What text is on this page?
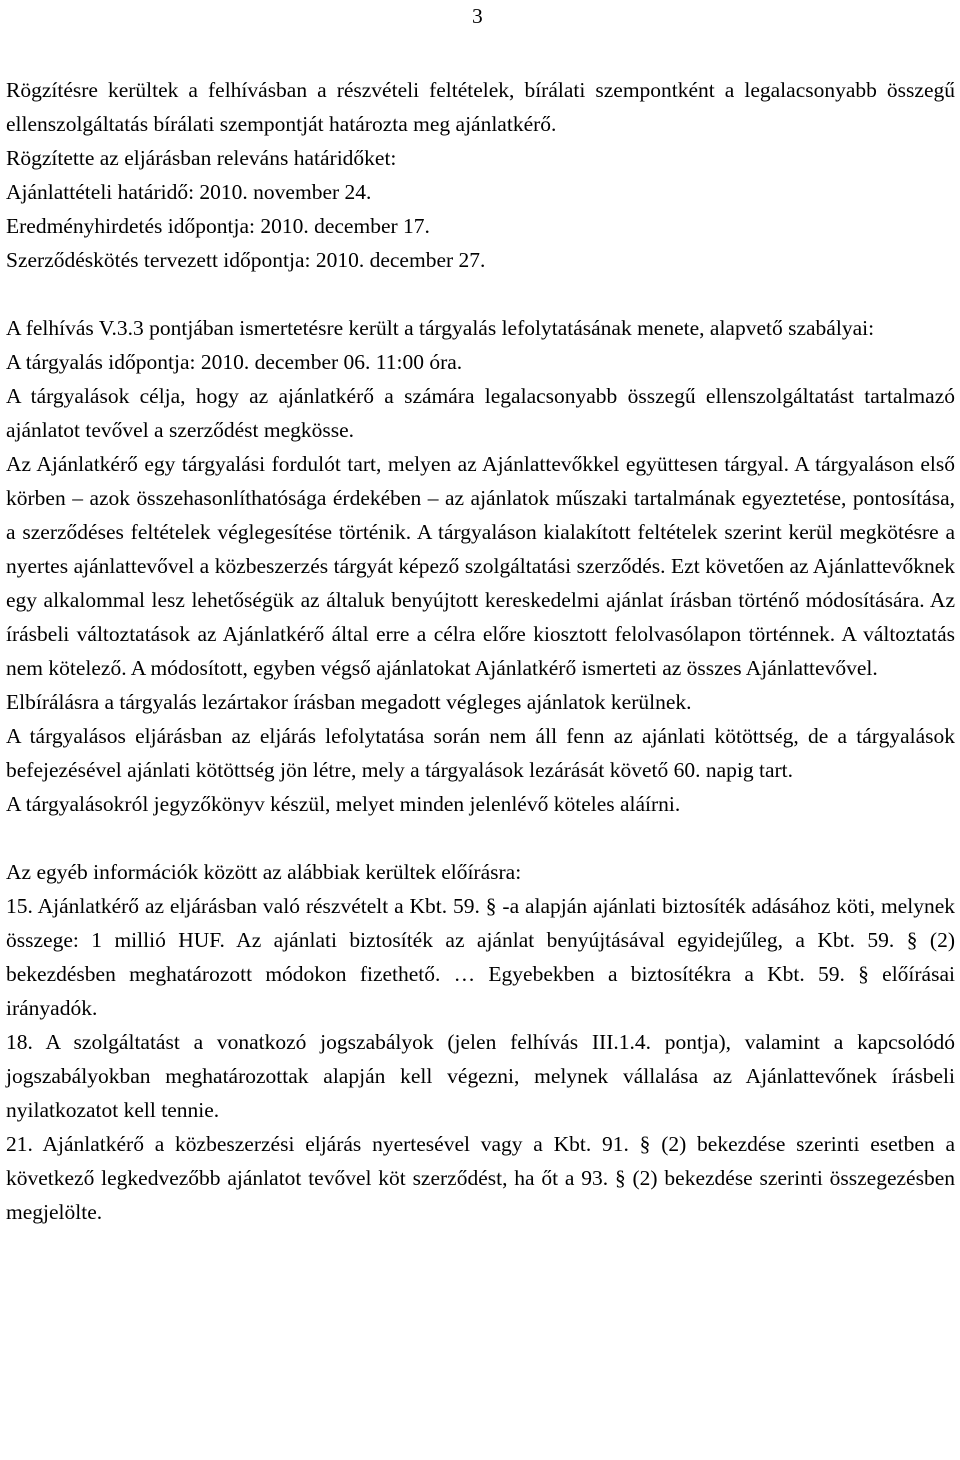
3

Rögzítésre kerültek a felhívásban a részvételi feltételek, bírálati szempontként a legalacsonyabb összegű ellenszolgáltatás bírálati szempontját határozta meg ajánlatkérő.

Rögzítette az eljárásban releváns határidőket:
Ajánlattételi határidő: 2010. november 24.
Eredményhirdetés időpontja: 2010. december 17.
Szerződéskötés tervezett időpontja: 2010. december 27.

A felhívás V.3.3 pontjában ismertetésre került a tárgyalás lefolytatásának menete, alapvető szabályai:

A tárgyalás időpontja: 2010. december 06. 11:00 óra.

A tárgyalások célja, hogy az ajánlatkérő a számára legalacsonyabb összegű ellenszolgáltatást tartalmazó ajánlatot tevővel a szerződést megkösse.

Az Ajánlatkérő egy tárgyalási fordulót tart, melyen az Ajánlattevőkkel együttesen tárgyal. A tárgyaláson első körben – azok összehasonlíthatósága érdekében – az ajánlatok műszaki tartalmának egyeztetése, pontosítása, a szerződéses feltételek véglegesítése történik. A tárgyaláson kialakított feltételek szerint kerül megkötésre a nyertes ajánlattevővel a közbeszerzés tárgyát képező szolgáltatási szerződés. Ezt követően az Ajánlattevőknek egy alkalommal lesz lehetőségük az általuk benyújtott kereskedelmi ajánlat írásban történő módosítására. Az írásbeli változtatások az Ajánlatkérő által erre a célra előre kiosztott felolvasólapon történnek. A változtatás nem kötelező. A módosított, egyben végső ajánlatokat Ajánlatkérő ismerteti az összes Ajánlattevővel.

Elbírálásra a tárgyalás lezártakor írásban megadott végleges ajánlatok kerülnek.

A tárgyalásos eljárásban az eljárás lefolytatása során nem áll fenn az ajánlati kötöttség, de a tárgyalások befejezésével ajánlati kötöttség jön létre, mely a tárgyalások lezárását követő 60. napig tart.

A tárgyalásokról jegyzőkönyv készül, melyet minden jelenlévő köteles aláírni.
Az egyéb információk között az alábbiak kerültek előírásra:

15. Ajánlatkérő az eljárásban való részvételt a Kbt. 59. § -a alapján ajánlati biztosíték adásához köti, melynek összege: 1 millió HUF. Az ajánlati biztosíték az ajánlat benyújtásával egyidejűleg, a Kbt. 59. § (2) bekezdésben meghatározott módokon fizethető. … Egyebekben a biztosítékra a Kbt. 59. § előírásai irányadók.

18. A szolgáltatást a vonatkozó jogszabályok (jelen felhívás III.1.4. pontja), valamint a kapcsolódó jogszabályokban meghatározottak alapján kell végezni, melynek vállalása az Ajánlattevőnek írásbeli nyilatkozatot kell tennie.

21. Ajánlatkérő a közbeszerzési eljárás nyertesével vagy a Kbt. 91. § (2) bekezdése szerinti esetben a következő legkedvezőbb ajánlatot tevővel köt szerződést, ha őt a 93. § (2) bekezdése szerinti összegezésben megjelölte.
